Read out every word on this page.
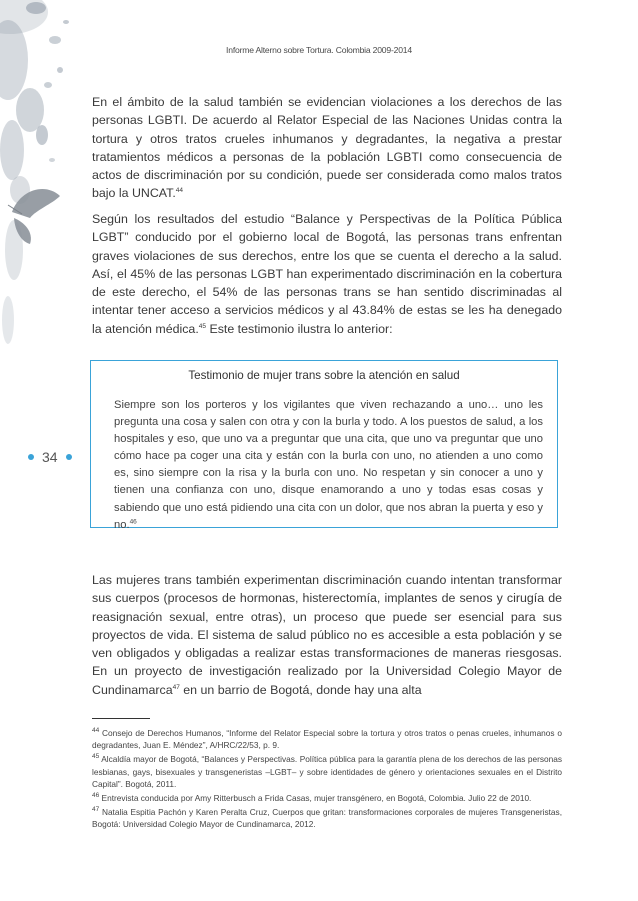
Informe Alterno sobre Tortura. Colombia 2009-2014

En el ámbito de la salud también se evidencian violaciones a los derechos de las personas LGBTI. De acuerdo al Relator Especial de las Naciones Unidas contra la tortura y otros tratos crueles inhumanos y degradantes, la negativa a prestar tratamientos médicos a personas de la población LGBTI como consecuencia de actos de discriminación por su condición, puede ser considerada como malos tratos bajo la UNCAT.$^{44}$

Según los resultados del estudio “Balance y Perspectivas de la Política Pública LGBT” conducido por el gobierno local de Bogotá, las personas trans enfrentan graves violaciones de sus derechos, entre los que se cuenta el derecho a la salud. Así, el 45% de las personas LGBT han experimentado discriminación en la cobertura de este derecho, el 54% de las personas trans se han sentido discriminadas al intentar tener acceso a servicios médicos y al 43.84% de estas se les ha denegado la atención médica.$^{45}$ Este testimonio ilustra lo anterior:

Testimonio de mujer trans sobre la atención en salud
Siempre son los porteros y los vigilantes que viven rechazando a uno… uno les pregunta una cosa y salen con otra y con la burla y todo. A los puestos de salud, a los hospitales y eso, que uno va a preguntar que una cita, que uno va preguntar que uno cómo hace pa coger una cita y están con la burla con uno, no atienden a uno como es, sino siempre con la risa y la burla con uno. No respetan y sin conocer a uno y tienen una confianza con uno, disque enamorando a uno y todas esas cosas y sabiendo que uno está pidiendo una cita con un dolor, que nos abran la puerta y eso y no.$^{46}$
34

Las mujeres trans también experimentan discriminación cuando intentan transformar sus cuerpos (procesos de hormonas, histerectomía, implantes de senos y cirugía de reasignación sexual, entre otras), un proceso que puede ser esencial para sus proyectos de vida. El sistema de salud público no es accesible a esta población y se ven obligados y obligadas a realizar estas transformaciones de maneras riesgosas. En un proyecto de investigación realizado por la Universidad Colegio Mayor de Cundinamarca$^{47}$ en un barrio de Bogotá, donde hay una alta

$^{44}$ Consejo de Derechos Humanos, “Informe del Relator Especial sobre la tortura y otros tratos o penas crueles, inhumanos o degradantes, Juan E. Méndez”, A/HRC/22/53, p. 9.
$^{45}$ Alcaldía mayor de Bogotá, “Balances y Perspectivas. Política pública para la garantía plena de los derechos de las personas lesbianas, gays, bisexuales y transgeneristas –LGBT– y sobre identidades de género y orientaciones sexuales en el Distrito Capital”. Bogotá, 2011.
$^{46}$ Entrevista conducida por Amy Ritterbusch a Frida Casas, mujer transgénero, en Bogotá, Colombia. Julio 22 de 2010.
$^{47}$ Natalia Espitia Pachón y Karen Peralta Cruz, Cuerpos que gritan: transformaciones corporales de mujeres Transgeneristas, Bogotá: Universidad Colegio Mayor de Cundinamarca, 2012.
